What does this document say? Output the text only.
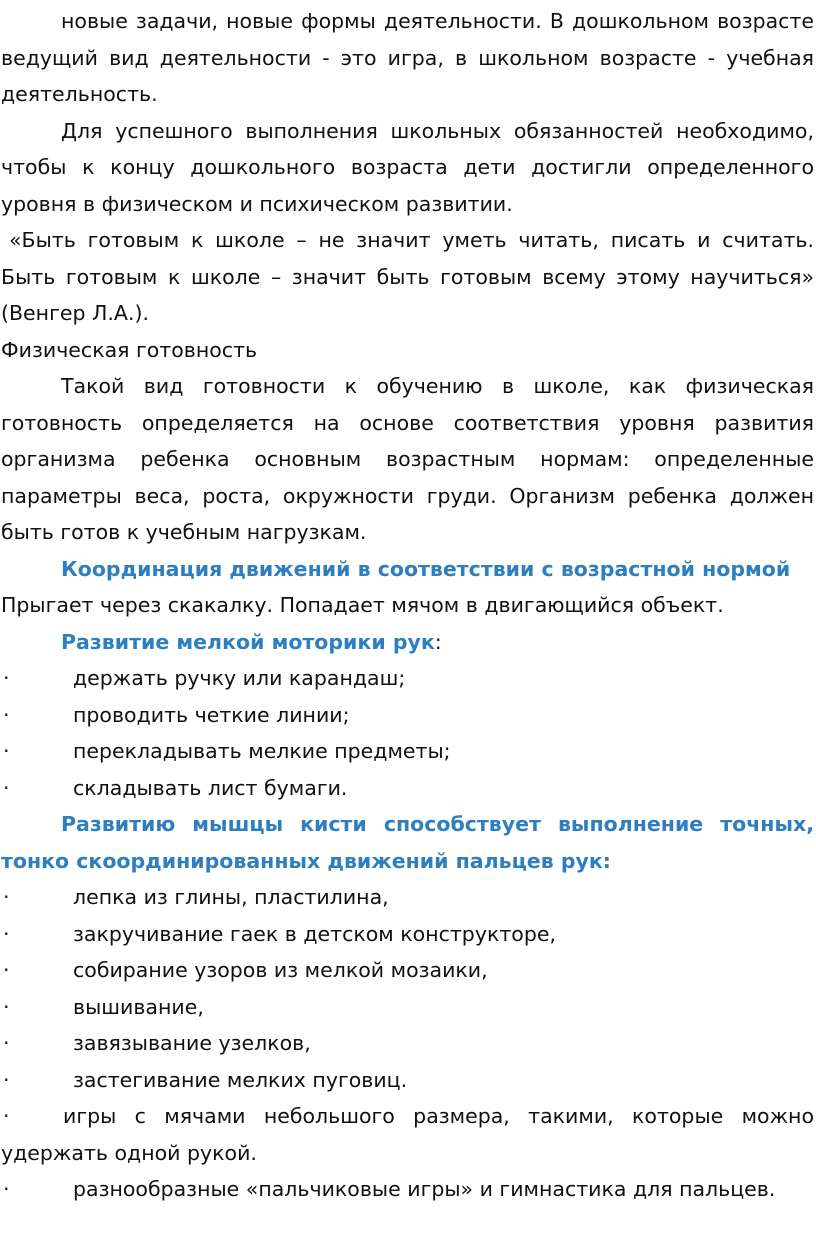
новые задачи, новые формы деятельности. В дошкольном возрасте ведущий вид деятельности - это игра, в школьном возрасте - учебная деятельность.

Для успешного выполнения школьных обязанностей необходимо, чтобы к концу дошкольного возраста дети достигли определенного уровня в физическом и психическом развитии.

«Быть готовым к школе – не значит уметь читать, писать и считать. Быть готовым к школе – значит быть готовым всему этому научиться» (Венгер Л.А.).

Физическая готовность

Такой вид готовности к обучению в школе, как физическая готовность определяется на основе соответствия уровня развития организма ребенка основным возрастным нормам: определенные параметры веса, роста, окружности груди. Организм ребенка должен быть готов к учебным нагрузкам.

Координация движений в соответствии с возрастной нормой

Прыгает через скакалку. Попадает мячом в двигающийся объект.

Развитие мелкой моторики рук:

·	держать ручку или карандаш;
·	проводить четкие линии;
·	перекладывать мелкие предметы;
·	складывать лист бумаги.

Развитию мышцы кисти способствует выполнение точных, тонко скоординированных движений пальцев рук:

·	лепка из глины, пластилина,
·	закручивание гаек в детском конструкторе,
·	собирание узоров из мелкой мозаики,
·	вышивание,
·	завязывание узелков,
·	застегивание мелких пуговиц.

·	игры с мячами небольшого размера, такими, которые можно удержать одной рукой.

·	разнообразные «пальчиковые игры» и гимнастика для пальцев.
